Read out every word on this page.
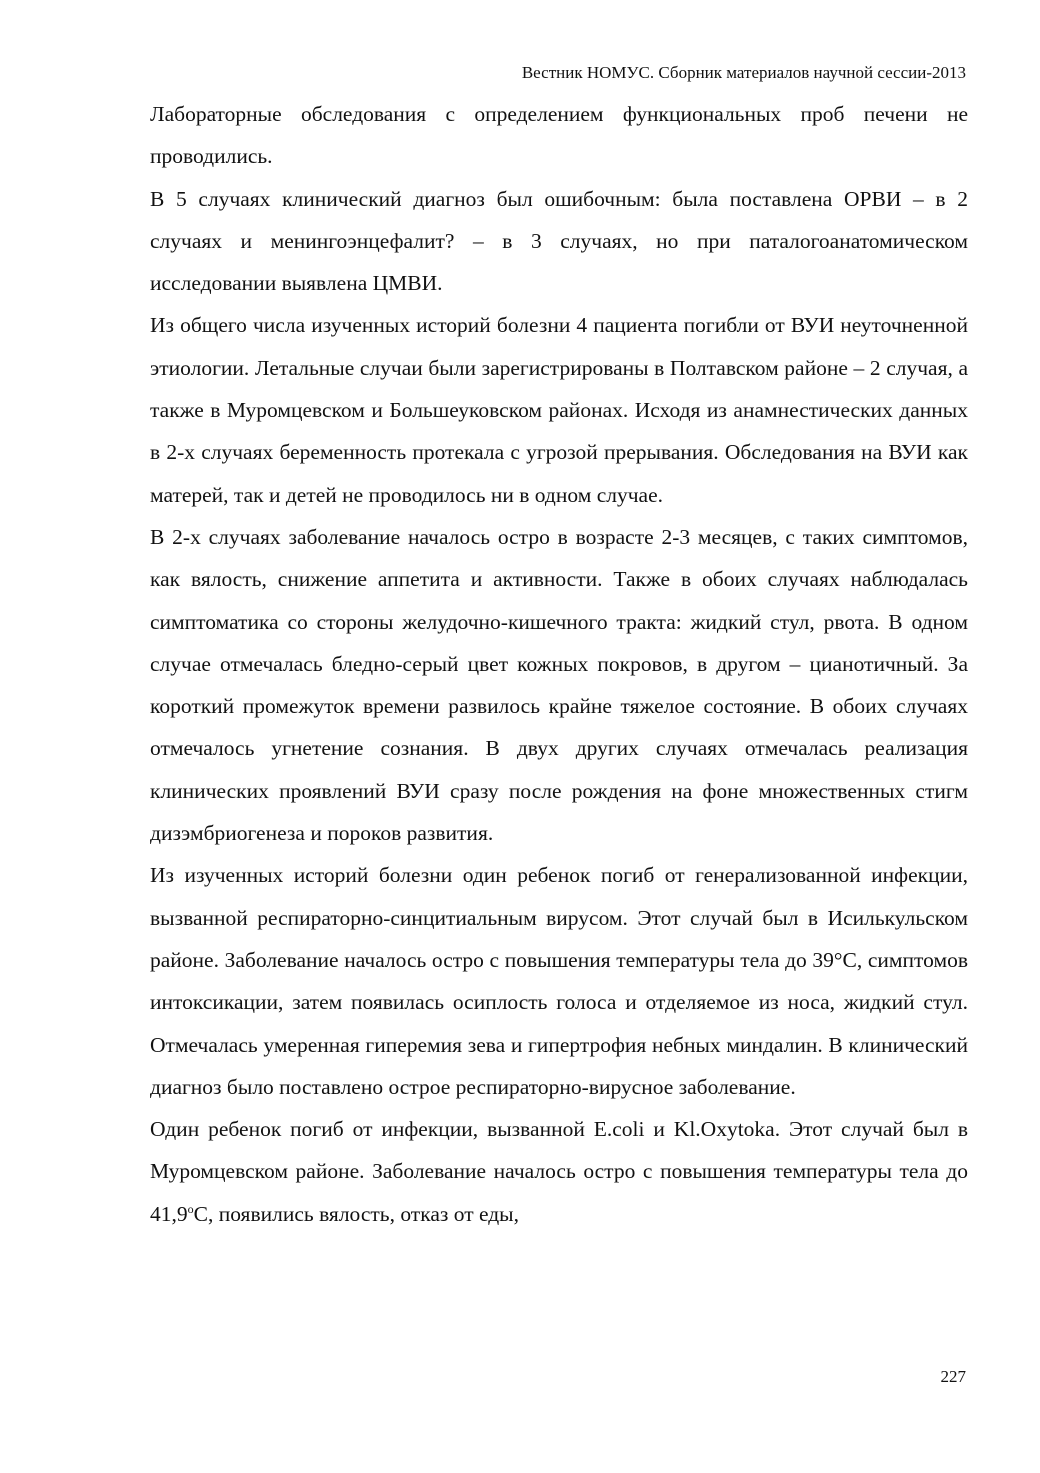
Вестник НОМУС. Сборник материалов научной сессии-2013

Лабораторные обследования с определением функциональных проб печени не проводились.

В 5 случаях клинический диагноз был ошибочным: была поставлена ОРВИ – в 2 случаях и менингоэнцефалит? – в 3 случаях, но при паталогоанатомическом исследовании выявлена ЦМВИ.

Из общего числа изученных историй болезни 4 пациента погибли от ВУИ неуточненной этиологии. Летальные случаи были зарегистрированы в Полтавском районе – 2 случая, а также в Муромцевском и Большеуковском районах. Исходя из анамнестических данных в 2-х случаях беременность протекала с угрозой прерывания. Обследования на ВУИ как матерей, так и детей не проводилось ни в одном случае.

В 2-х случаях заболевание началось остро в возрасте 2-3 месяцев, с таких симптомов, как вялость, снижение аппетита и активности. Также в обоих случаях наблюдалась симптоматика со стороны желудочно-кишечного тракта: жидкий стул, рвота. В одном случае отмечалась бледно-серый цвет кожных покровов, в другом – цианотичный. За короткий промежуток времени развилось крайне тяжелое состояние. В обоих случаях отмечалось угнетение сознания. В двух других случаях отмечалась реализация клинических проявлений ВУИ сразу после рождения на фоне множественных стигм дизэмбриогенеза и пороков развития.

Из изученных историй болезни один ребенок погиб от генерализованной инфекции, вызванной респираторно-синцитиальным вирусом. Этот случай был в Исилькульском районе. Заболевание началось остро с повышения температуры тела до 39°С, симптомов интоксикации, затем появилась осиплость голоса и отделяемое из носа, жидкий стул. Отмечалась умеренная гиперемия зева и гипертрофия небных миндалин. В клинический диагноз было поставлено острое респираторно-вирусное заболевание.

Один ребенок погиб от инфекции, вызванной E.coli и Kl.Oxytoka. Этот случай был в Муромцевском районе. Заболевание началось остро с повышения температуры тела до $41,9^оС$, появились вялость, отказ от еды,

227
